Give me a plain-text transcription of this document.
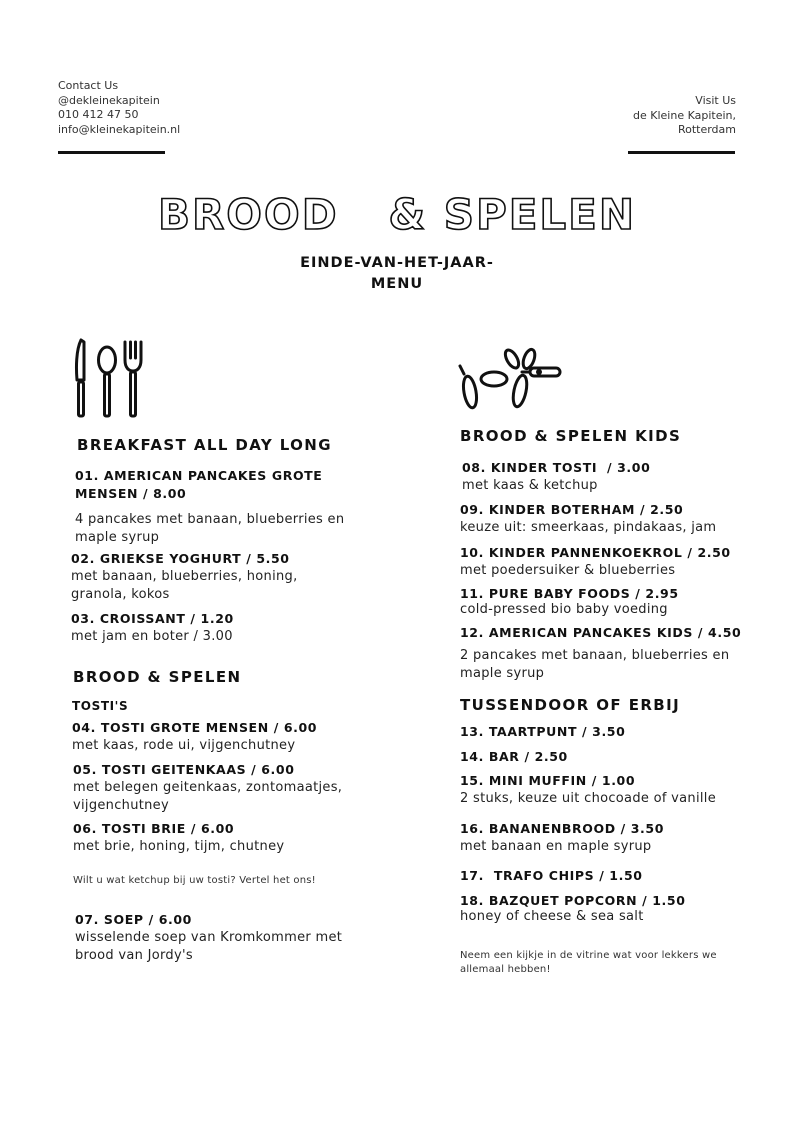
Contact Us
@dekleinekapitein
010 412 47 50
info@kleinekapitein.nl
Visit Us
de Kleine Kapitein,
Rotterdam
BROOD   & SPELEN
EINDE-VAN-HET-JAAR-
MENU
BREAKFAST ALL DAY LONG
01. AMERICAN PANCAKES GROTE MENSEN / 8.00
4 pancakes met banaan, blueberries en maple syrup
02. GRIEKSE YOGHURT / 5.50
met banaan, blueberries, honing, granola, kokos
03. CROISSANT / 1.20
met jam en boter / 3.00
BROOD & SPELEN
TOSTI'S
04. TOSTI GROTE MENSEN / 6.00
met kaas, rode ui, vijgenchutney
05. TOSTI GEITENKAAS / 6.00
met belegen geitenkaas, zontomaatjes, vijgenchutney
06. TOSTI BRIE / 6.00
met brie, honing, tijm, chutney
Wilt u wat ketchup bij uw tosti? Vertel het ons!
07. SOEP / 6.00
wisselende soep van Kromkommer met brood van Jordy's
BROOD & SPELEN KIDS
08. KINDER TOSTI  / 3.00
met kaas & ketchup
09. KINDER BOTERHAM / 2.50
keuze uit: smeerkaas, pindakaas, jam
10. KINDER PANNENKOEKROL / 2.50
met poedersuiker & blueberries
11. PURE BABY FOODS / 2.95
cold-pressed bio baby voeding
12. AMERICAN PANCAKES KIDS / 4.50
2 pancakes met banaan, blueberries en maple syrup
TUSSENDOOR OF ERBIJ
13. TAARTPUNT / 3.50
14. BAR / 2.50
15. MINI MUFFIN / 1.00
2 stuks, keuze uit chocoade of vanille
16. BANANENBROOD / 3.50
met banaan en maple syrup
17.  TRAFO CHIPS / 1.50
18. BAZQUET POPCORN / 1.50
honey of cheese & sea salt
Neem een kijkje in de vitrine wat voor lekkers we allemaal hebben!
